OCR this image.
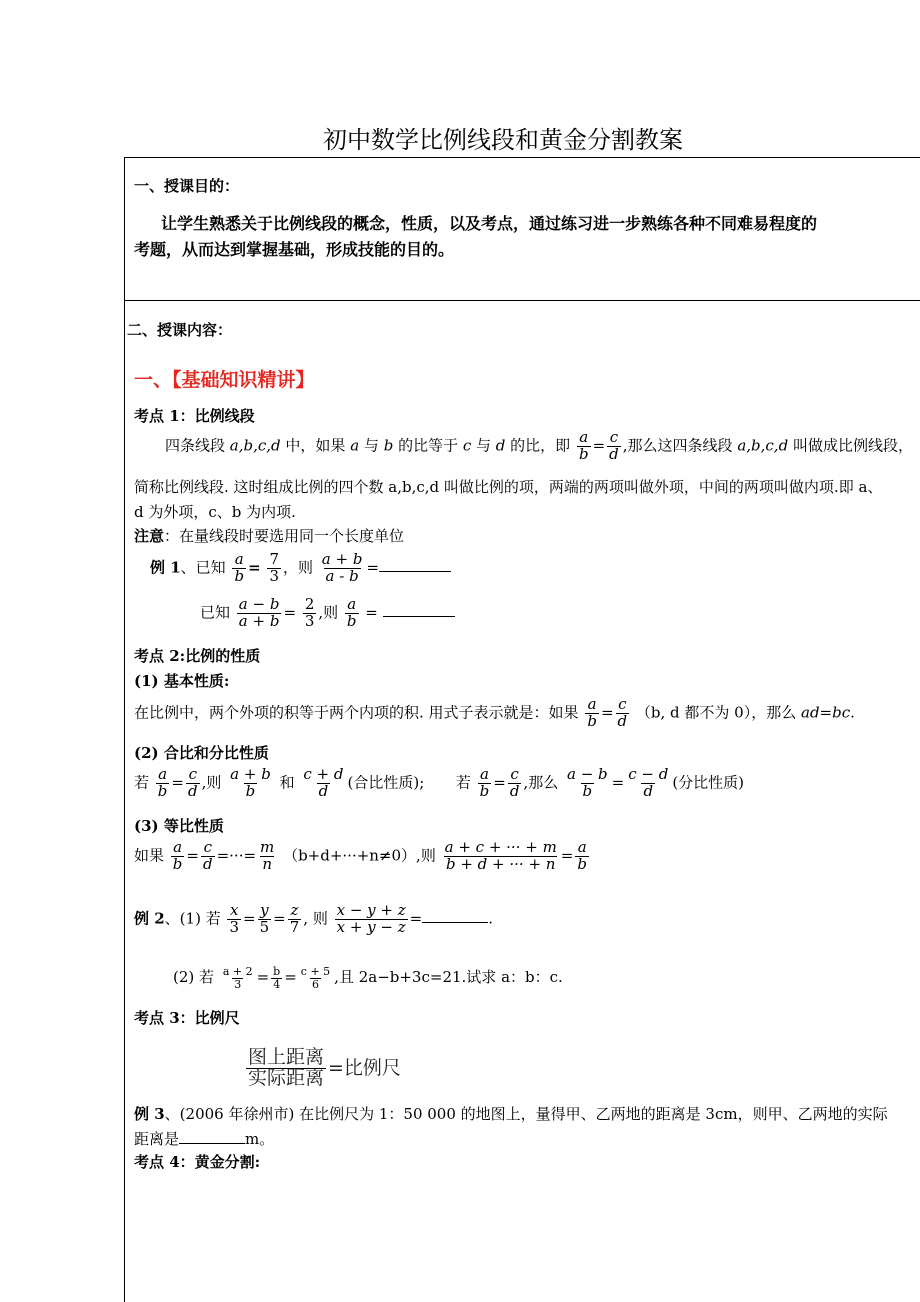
初中数学比例线段和黄金分割教案
一、授课目的：
让学生熟悉关于比例线段的概念，性质，以及考点，通过练习进一步熟练各种不同难易程度的
考题，从而达到掌握基础，形成技能的目的。
二、授课内容：
一、【基础知识精讲】
考点 1：比例线段
四条线段 a,b,c,d 中，如果 a 与 b 的比等于 c 与 d 的比，即 $\frac{a}{b} = \frac{c}{d}$ ,那么这四条线段 a,b,c,d 叫做成比例线段，
简称比例线段. 这时组成比例的四个数 a,b,c,d 叫做比例的项，两端的两项叫做外项，中间的两项叫做内项.即 a、
d 为外项，c、b 为内项.
注意：在量线段时要选用同一个长度单位
例 1、已知 $\frac{a}{b} = \frac{7}{3}$ ，则 $\frac{a + b}{a - b}$ =
已知 $\frac{a - b}{a + b} = \frac{2}{3}$ ,则 $\frac{a}{b}$ =
考点 2:比例的性质
(1) 基本性质:
在比例中，两个外项的积等于两个内项的积. 用式子表示就是：如果 $\frac{a}{b} = \frac{c}{d} (b$, d 都不为 0），那么 ad=bc.
(2) 合比和分比性质
若 $\frac{a}{b} = \frac{c}{d}$ ,则 $\frac{a + b}{b}$ 和 $\frac{c + d}{d}$ (合比性质); 若 $\frac{a}{b} = \frac{c}{d}$ ,那么 $\frac{a - b}{b} = \frac{c - d}{d}$ (分比性质)
(3) 等比性质
如果 $\frac{a}{b} = \frac{c}{d}$ =···= $\frac{m}{n} (b+d+\cdot\cdot\cdot+n\ne 0)$,则 $\frac{a + c + \cdot\cdot\cdot + m}{b + d + \cdot\cdot\cdot + n} = \frac{a}{b}$
例 2、(1) 若 $\frac{x}{3} = \frac{y}{5} = \frac{z}{7}$ , 则 $\frac{x - y + z}{x + y - z}$ =	.
(2) 若 $\frac{a + 2}{3} = \frac{b}{4} = \frac{c + 5}{6}$ ,且 2a−b+3c=21.试求 a：b：c.
考点 3：比例尺
$\frac{\text{图上距离}}{\text{实际距离}}$ =比例尺
例 3、(2006 年徐州市) 在比例尺为 1：50 000 的地图上，量得甲、乙两地的距离是 3cm，则甲、乙两地的实际
距离是	m。
考点 4：黄金分割:
